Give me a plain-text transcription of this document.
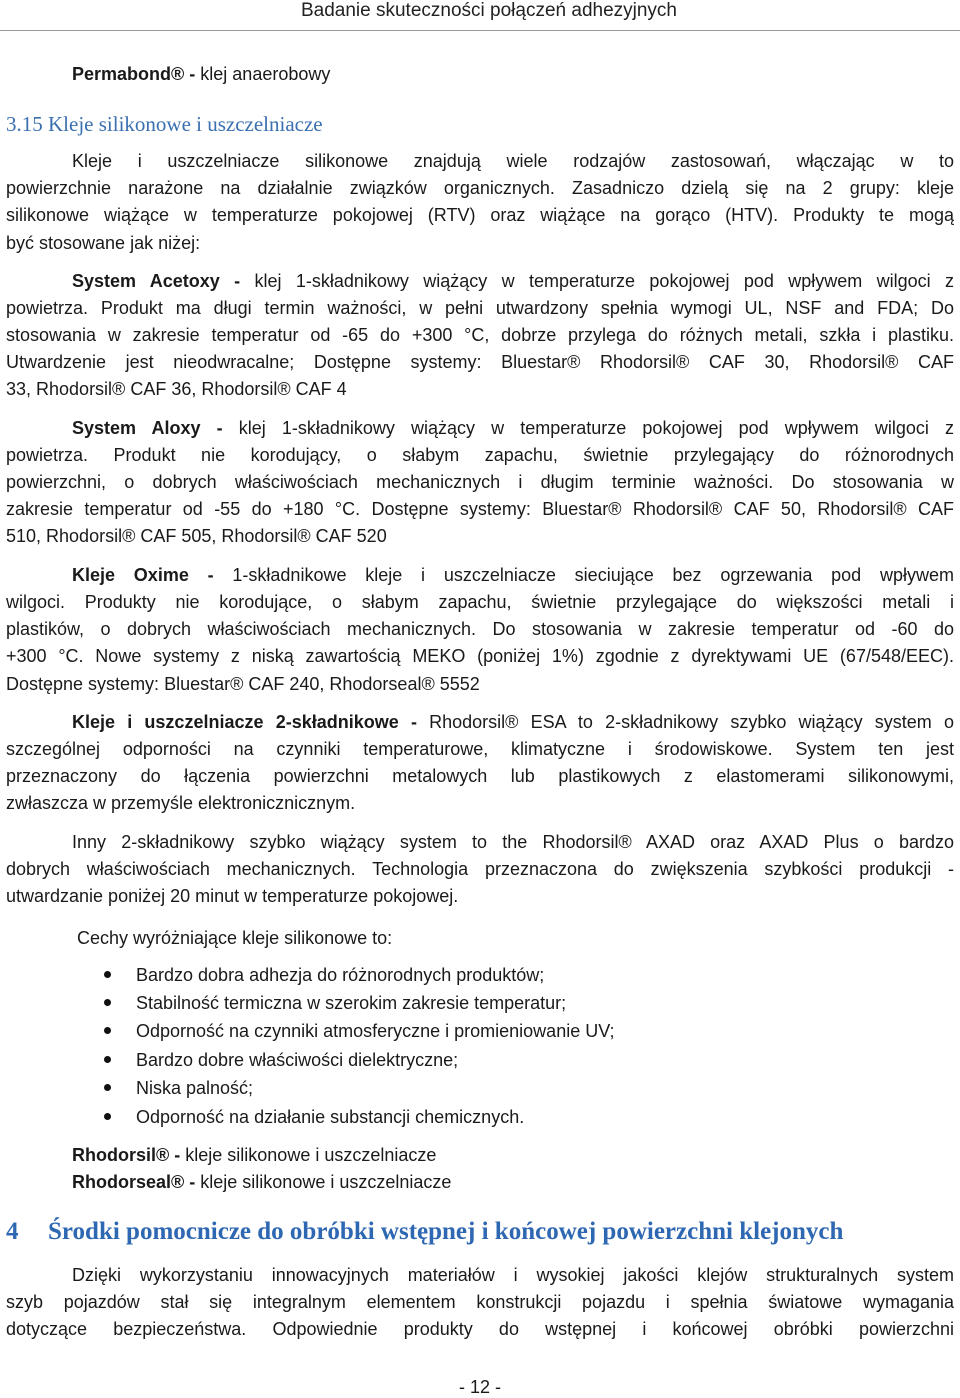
Badanie skuteczności połączeń adhezyjnych
Permabond® - klej anaerobowy
3.15 Kleje silikonowe i uszczelniacze
Kleje i uszczelniacze silikonowe znajdują wiele rodzajów zastosowań, włączając w to
powierzchnie narażone na działalnie związków organicznych. Zasadniczo dzielą się na 2 grupy: kleje
silikonowe wiążące w temperaturze pokojowej (RTV) oraz wiążące na gorąco (HTV). Produkty te mogą
być stosowane jak niżej:
System Acetoxy - klej 1-składnikowy wiążący w temperaturze pokojowej pod wpływem wilgoci z
powietrza. Produkt ma długi termin ważności, w pełni utwardzony spełnia wymogi UL, NSF and FDA; Do
stosowania w zakresie temperatur od -65 do +300 °C, dobrze przylega do różnych metali, szkła i plastiku.
Utwardzenie jest nieodwracalne; Dostępne systemy: Bluestar® Rhodorsil® CAF 30, Rhodorsil® CAF
33, Rhodorsil® CAF 36, Rhodorsil® CAF 4
System Aloxy - klej 1-składnikowy wiążący w temperaturze pokojowej pod wpływem wilgoci z
powietrza. Produkt nie korodujący, o słabym zapachu, świetnie przylegający do różnorodnych
powierzchni, o dobrych właściwościach mechanicznych i długim terminie ważności. Do stosowania w
zakresie temperatur od -55 do +180 °C. Dostępne systemy: Bluestar® Rhodorsil® CAF 50, Rhodorsil® CAF
510, Rhodorsil® CAF 505, Rhodorsil® CAF 520
Kleje Oxime - 1-składnikowe kleje i uszczelniacze sieciujące bez ogrzewania pod wpływem
wilgoci. Produkty nie korodujące, o słabym zapachu, świetnie przylegające do większości metali i
plastików, o dobrych właściwościach mechanicznych. Do stosowania w zakresie temperatur od -60 do
+300 °C. Nowe systemy z niską zawartością MEKO (poniżej 1%) zgodnie z dyrektywami UE (67/548/EEC).
Dostępne systemy: Bluestar® CAF 240, Rhodorseal® 5552
Kleje i uszczelniacze 2-składnikowe - Rhodorsil® ESA to 2-składnikowy szybko wiążący system o
szczególnej odporności na czynniki temperaturowe, klimatyczne i środowiskowe. System ten jest
przeznaczony do łączenia powierzchni metalowych lub plastikowych z elastomerami silikonowymi,
zwłaszcza w przemyśle elektronicznicznym.
Inny 2-składnikowy szybko wiążący system to the Rhodorsil® AXAD oraz AXAD Plus o bardzo
dobrych właściwościach mechanicznych. Technologia przeznaczona do zwiększenia szybkości produkcji -
utwardzanie poniżej 20 minut w temperaturze pokojowej.
Cechy wyróżniające kleje silikonowe to:
Bardzo dobra adhezja do różnorodnych produktów;
Stabilność termiczna w szerokim zakresie temperatur;
Odporność na czynniki atmosferyczne i promieniowanie UV;
Bardzo dobre właściwości dielektryczne;
Niska palność;
Odporność na działanie substancji chemicznych.
Rhodorsil® - kleje silikonowe i uszczelniacze
Rhodorseal® - kleje silikonowe i uszczelniacze
4 Środki pomocnicze do obróbki wstępnej i końcowej powierzchni klejonych
Dzięki wykorzystaniu innowacyjnych materiałów i wysokiej jakości klejów strukturalnych system
szyb pojazdów stał się integralnym elementem konstrukcji pojazdu i spełnia światowe wymagania
dotyczące bezpieczeństwa. Odpowiednie produkty do wstępnej i końcowej obróbki powierzchni
- 12 -
